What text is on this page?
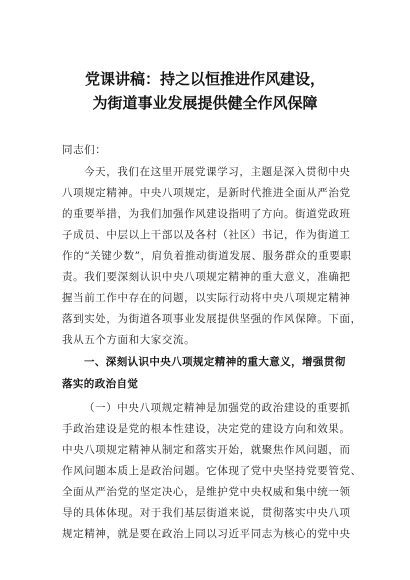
党课讲稿：持之以恒推进作风建设，
为街道事业发展提供健全作风保障
同志们：
今天，我们在这里开展党课学习，主题是深入贯彻中央
八项规定精神。中央八项规定，是新时代推进全面从严治党
的重要举措，为我们加强作风建设指明了方向。街道党政班
子成员、中层以上干部以及各村（社区）书记，作为街道工
作的“关键少数”，肩负着推动街道发展、服务群众的重要职
责。我们要深刻认识中央八项规定精神的重大意义，准确把
握当前工作中存在的问题，以实际行动将中央八项规定精神
落到实处，为街道各项事业发展提供坚强的作风保障。下面，
我从五个方面和大家交流。
一、深刻认识中央八项规定精神的重大意义，增强贯彻
落实的政治自觉
（一）中央八项规定精神是加强党的政治建设的重要抓
手政治建设是党的根本性建设，决定党的建设方向和效果。
中央八项规定精神从制定和落实开始，就聚焦作风问题，而
作风问题本质上是政治问题。它体现了党中央坚持党要管党、
全面从严治党的坚定决心，是维护党中央权威和集中统一领
导的具体体现。对于我们基层街道来说，贯彻落实中央八项
规定精神，就是要在政治上同以习近平同志为核心的党中央
